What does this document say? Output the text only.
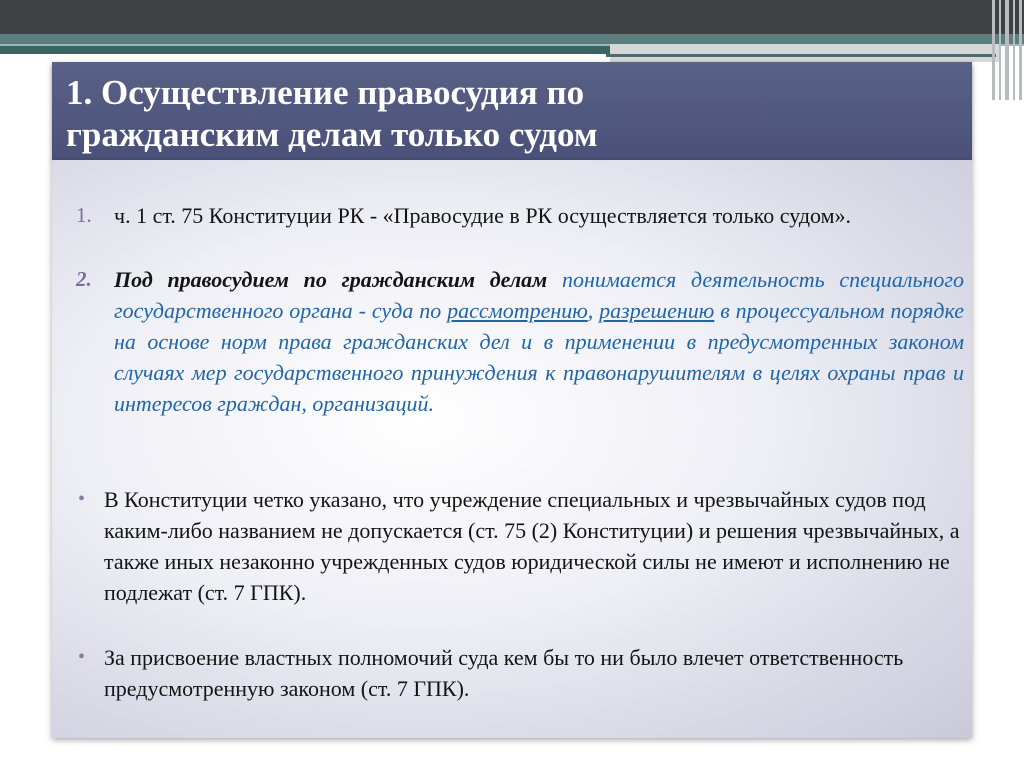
1. Осуществление правосудия по
гражданским делам только судом
1. ч. 1 ст. 75 Конституции РК - «Правосудие в РК осуществляется только судом».
2. Под правосудием по гражданским делам понимается деятельность специального государственного органа - суда по рассмотрению, разрешению в процессуальном порядке на основе норм права гражданских дел и в применении в предусмотренных законом случаях мер государственного принуждения к правонарушителям в целях охраны прав и интересов граждан, организаций.
• В Конституции четко указано, что учреждение специальных и чрезвычайных судов под каким-либо названием не допускается (ст. 75 (2) Конституции) и решения чрезвычайных, а также иных незаконно учрежденных судов юридической силы не имеют и исполнению не подлежат (ст. 7 ГПК).
• За присвоение властных полномочий суда кем бы то ни было влечет ответственность предусмотренную законом (ст. 7 ГПК).
